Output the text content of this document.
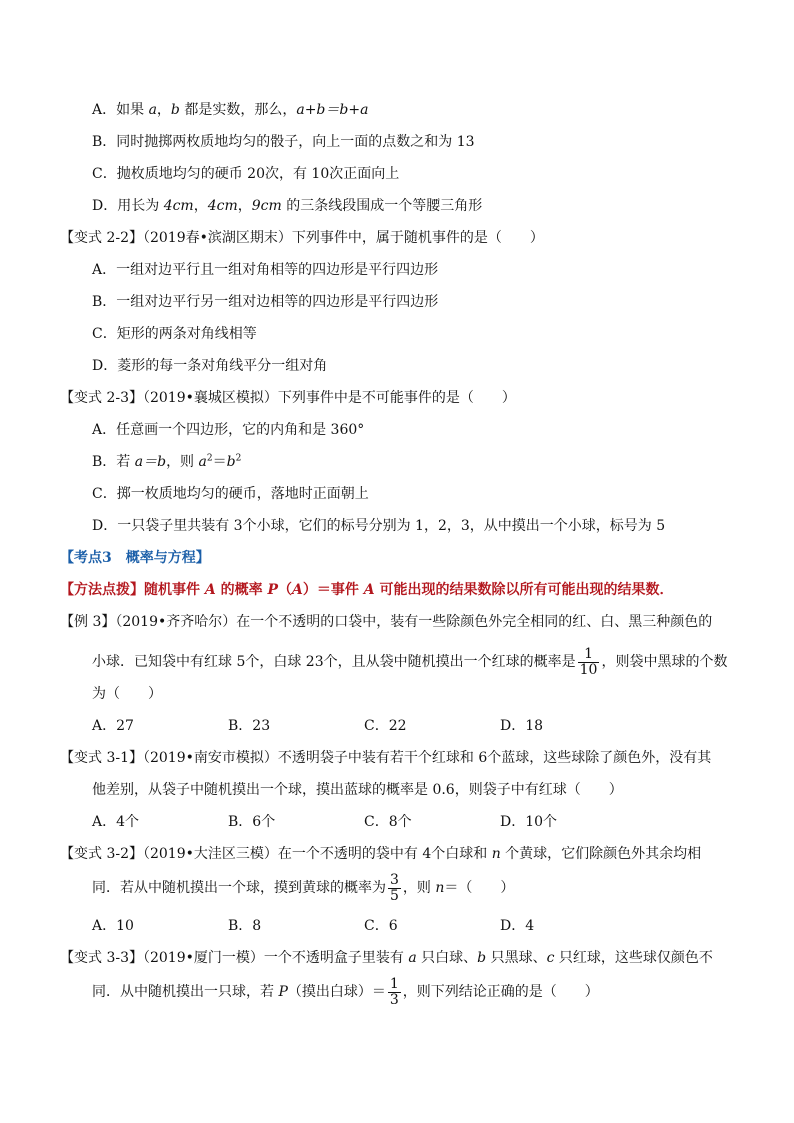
A．如果 a，b 都是实数，那么，a+b＝b+a
B．同时抛掷两枚质地均匀的骰子，向上一面的点数之和为 13
C．抛枚质地均匀的硬币 20次，有 10次正面向上
D．用长为 4cm，4cm，9cm 的三条线段围成一个等腰三角形
【变式 2-2】（2019春•滨湖区期末）下列事件中，属于随机事件的是（　　）
A．一组对边平行且一组对角相等的四边形是平行四边形
B．一组对边平行另一组对边相等的四边形是平行四边形
C．矩形的两条对角线相等
D．菱形的每一条对角线平分一组对角
【变式 2-3】（2019•襄城区模拟）下列事件中是不可能事件的是（　　）
A．任意画一个四边形，它的内角和是 360°
B．若 a＝b，则 $a^2=b^2$
C．掷一枚质地均匀的硬币，落地时正面朝上
D．一只袋子里共装有 3个小球，它们的标号分别为 1，2，3，从中摸出一个小球，标号为 5
【考点3　概率与方程】
【方法点拨】随机事件 A 的概率 P（A）＝事件 A 可能出现的结果数除以所有可能出现的结果数．
【例 3】（2019•齐齐哈尔）在一个不透明的口袋中，装有一些除颜色外完全相同的红、白、黑三种颜色的
小球．已知袋中有红球 5个，白球 23个，且从袋中随机摸出一个红球的概率是 $\frac{1}{10}$ ，则袋中黑球的个数
为（　　）
A．27	B．23	C．22	D．18
【变式 3-1】（2019•南安市模拟）不透明袋子中装有若干个红球和 6个蓝球，这些球除了颜色外，没有其
他差别，从袋子中随机摸出一个球，摸出蓝球的概率是 0.6，则袋子中有红球（　　）
A．4个	B．6个	C．8个	D．10个
【变式 3-2】（2019•大洼区三模）在一个不透明的袋中有 4个白球和 n 个黄球，它们除颜色外其余均相
同．若从中随机摸出一个球，摸到黄球的概率为 $\frac{3}{5}$ ，则 n＝（　　）
A．10	B．8	C．6	D．4
【变式 3-3】（2019•厦门一模）一个不透明盒子里装有 a 只白球、b 只黑球、c 只红球，这些球仅颜色不
同．从中随机摸出一只球，若 P（摸出白球）＝ $\frac{1}{3}$ ，则下列结论正确的是（　　）
